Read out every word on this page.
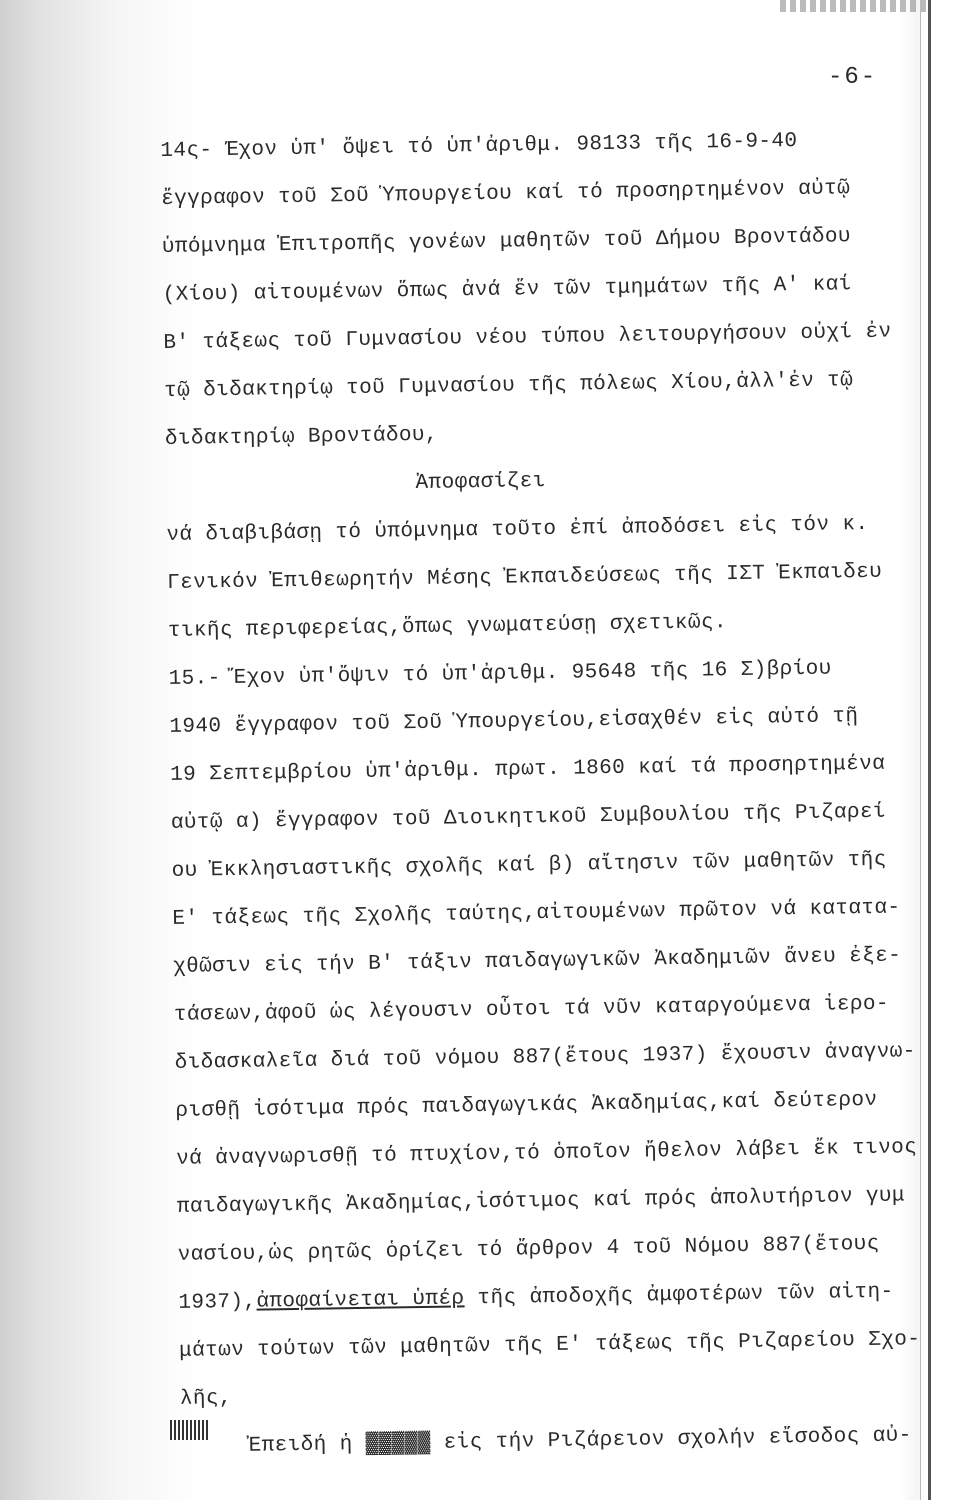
-6-
14ς- Έχον ὑπ' ὄψει τό ὑπ'ἀριθμ. 98133 τῆς 16-9-40
ἔγγραφον τοῦ Σοῦ Ὑπουργείου καί τό προσηρτημένον αὐτῷ
ὑπόμνημα Ἐπιτροπῆς γονέων μαθητῶν τοῦ Δήμου Βροντάδου
(Χίου) αἰτουμένων ὅπως ἀνά ἕν τῶν τμημάτων τῆς Α' καί
Β' τάξεως τοῦ Γυμνασίου νέου τύπου λειτουργήσουν οὐχί ἐν
τῷ διδακτηρίῳ τοῦ Γυμνασίου τῆς πόλεως Χίου,ἀλλ'ἐν τῷ
διδακτηρίῳ Βροντάδου,
Ἀποφασίζει
νά διαβιβάσῃ τό ὑπόμνημα τοῦτο ἐπί ἀποδόσει εἰς τόν κ.
Γενικόν Ἐπιθεωρητήν Μέσης Ἐκπαιδεύσεως τῆς ΙΣΤ Ἐκπαιδευ
τικῆς περιφερείας,ὅπως γνωματεύσῃ σχετικῶς.
15.- Ἔχον ὑπ'ὄψιν τό ὑπ'ἀριθμ. 95648 τῆς 16 Σ)βρίου
1940 ἔγγραφον τοῦ Σοῦ Ὑπουργείου,εἰσαχθέν εἰς αὐτό τῇ
19 Σεπτεμβρίου ὑπ'ἀριθμ. πρωτ. 1860 καί τά προσηρτημένα
αὐτῷ α) ἔγγραφον τοῦ Διοικητικοῦ Συμβουλίου τῆς Ριζαρεί
ου Ἐκκλησιαστικῆς σχολῆς καί β) αἴτησιν τῶν μαθητῶν τῆς
Ε' τάξεως τῆς Σχολῆς ταύτης,αἰτουμένων πρῶτον νά κατατα-
χθῶσιν εἰς τήν Β' τάξιν παιδαγωγικῶν Ἀκαδημιῶν ἄνευ ἐξε-
τάσεων,ἀφοῦ ὡς λέγουσιν οὗτοι τά νῦν καταργούμενα ἱερο-
διδασκαλεῖα διά τοῦ νόμου 887(ἔτους 1937) ἔχουσιν ἀναγνω-
ρισθῇ ἰσότιμα πρός παιδαγωγικάς Ἀκαδημίας,καί δεύτερον
νά ἀναγνωρισθῇ τό πτυχίον,τό ὁποῖον ἤθελον λάβει ἔκ τινος
παιδαγωγικῆς Ἀκαδημίας,ἰσότιμος καί πρός ἀπολυτήριον γυμ
νασίου,ὡς ρητῶς ὁρίζει τό ἄρθρον 4 τοῦ Νόμου 887(ἔτους
1937),ἀποφαίνεται ὑπέρ τῆς ἀποδοχῆς ἀμφοτέρων τῶν αἰτη-
μάτων τούτων τῶν μαθητῶν τῆς Ε' τάξεως τῆς Ριζαρείου Σχο-
λῆς,
Ἐπειδή ἡ ▓▓▓▓▓ εἰς τήν Ριζάρειον σχολήν εἴσοδος αὐ-
